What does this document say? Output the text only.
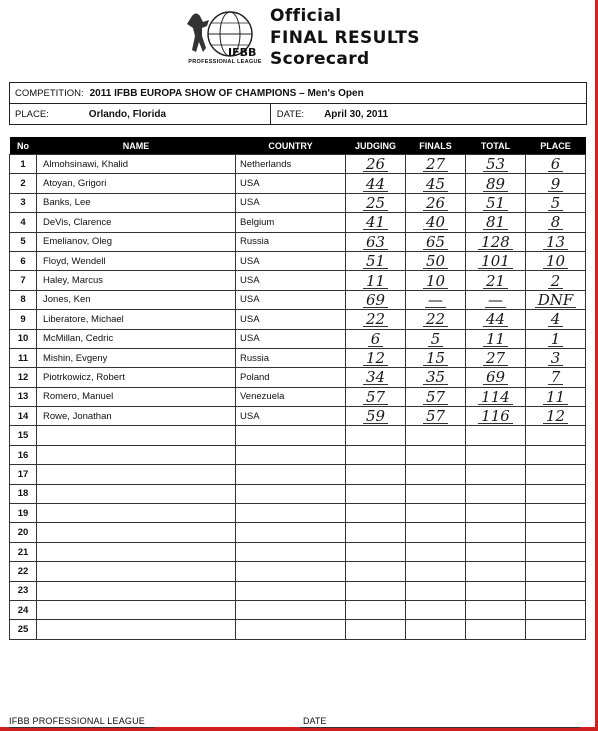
IFBB
PROFESSIONAL LEAGUE
Official
FINAL RESULTS
Scorecard
COMPETITION: 2011 IFBB EUROPA SHOW OF CHAMPIONS – Men's Open
PLACE:	Orlando, Florida	DATE: April 30, 2011
No	NAME	COUNTRY	JUDGING	FINALS	TOTAL	PLACE
1	Almohsinawi, Khalid	Netherlands	26	27	53	6
2	Atoyan, Grigori	USA	44	45	89	9
3	Banks, Lee	USA	25	26	51	5
4	DeVis, Clarence	Belgium	41	40	81	8
5	Emelianov, Oleg	Russia	63	65	128	13
6	Floyd, Wendell	USA	51	50	101	10
7	Haley, Marcus	USA	11	10	21	2
8	Jones, Ken	USA	69	—	—	DNF
9	Liberatore, Michael	USA	22	22	44	4
10	McMillan, Cedric	USA	6	5	11	1
11	Mishin, Evgeny	Russia	12	15	27	3
12	Piotrkowicz, Robert	Poland	34	35	69	7
13	Romero, Manuel	Venezuela	57	57	114	11
14	Rowe, Jonathan	USA	59	57	116	12
15						
16						
17						
18						
19						
20						
21						
22						
23						
24						
25						
IFBB PROFESSIONAL LEAGUE	DATE
